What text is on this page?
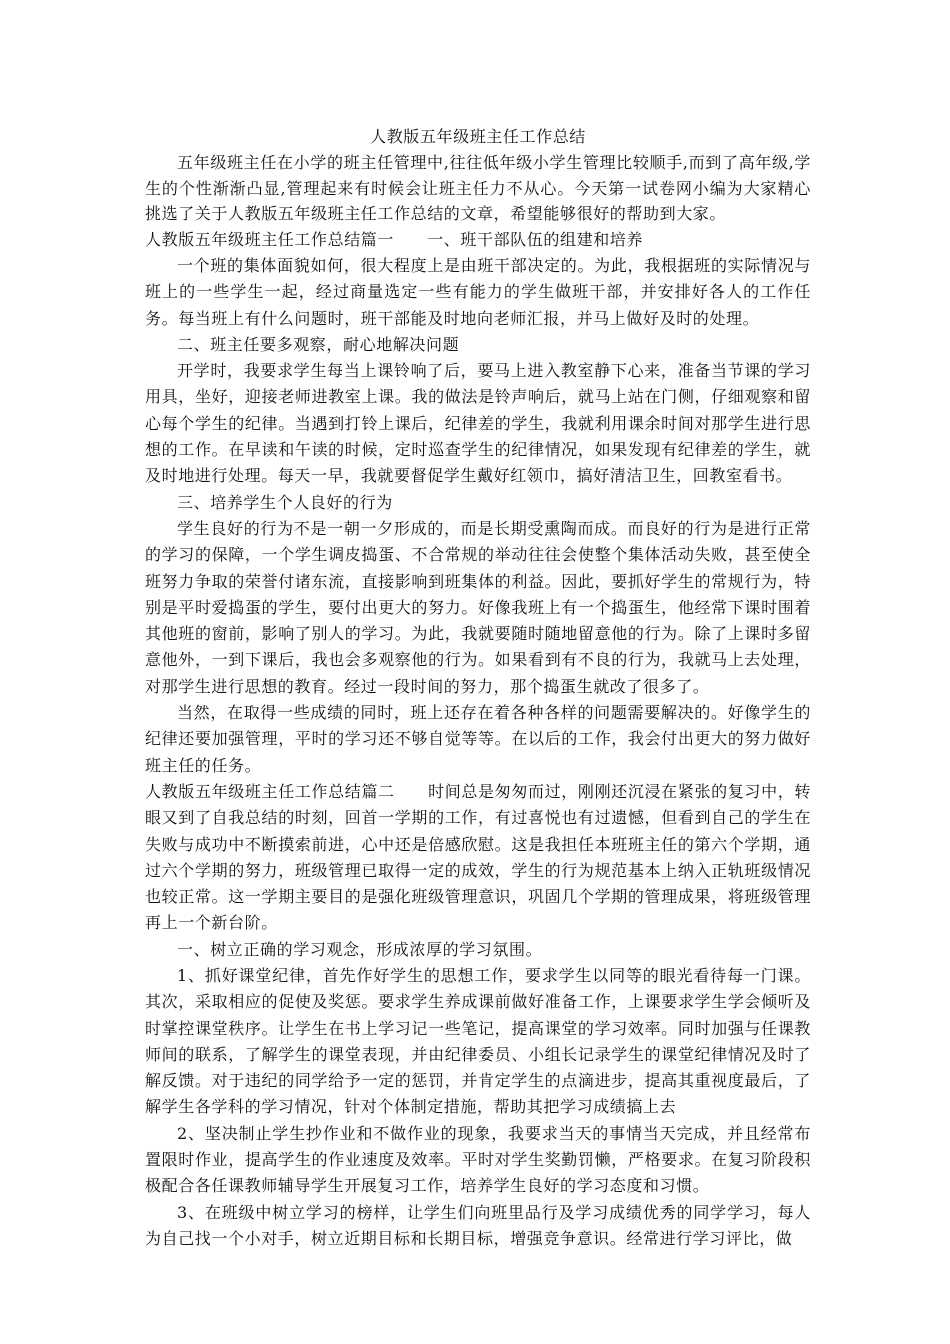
人教版五年级班主任工作总结

五年级班主任在小学的班主任管理中,往往低年级小学生管理比较顺手,而到了高年级,学生的个性渐渐凸显,管理起来有时候会让班主任力不从心。今天第一试卷网小编为大家精心挑选了关于人教版五年级班主任工作总结的文章，希望能够很好的帮助到大家。

人教版五年级班主任工作总结篇一　　一、班干部队伍的组建和培养

一个班的集体面貌如何，很大程度上是由班干部决定的。为此，我根据班的实际情况与班上的一些学生一起，经过商量选定一些有能力的学生做班干部，并安排好各人的工作任务。每当班上有什么问题时，班干部能及时地向老师汇报，并马上做好及时的处理。

二、班主任要多观察，耐心地解决问题

开学时，我要求学生每当上课铃响了后，要马上进入教室静下心来，准备当节课的学习用具，坐好，迎接老师进教室上课。我的做法是铃声响后，就马上站在门侧，仔细观察和留心每个学生的纪律。当遇到打铃上课后，纪律差的学生，我就利用课余时间对那学生进行思想的工作。在早读和午读的时候，定时巡查学生的纪律情况，如果发现有纪律差的学生，就及时地进行处理。每天一早，我就要督促学生戴好红领巾，搞好清洁卫生，回教室看书。

三、培养学生个人良好的行为

学生良好的行为不是一朝一夕形成的，而是长期受熏陶而成。而良好的行为是进行正常的学习的保障，一个学生调皮捣蛋、不合常规的举动往往会使整个集体活动失败，甚至使全班努力争取的荣誉付诸东流，直接影响到班集体的利益。因此，要抓好学生的常规行为，特别是平时爱捣蛋的学生，要付出更大的努力。好像我班上有一个捣蛋生，他经常下课时围着其他班的窗前，影响了别人的学习。为此，我就要随时随地留意他的行为。除了上课时多留意他外，一到下课后，我也会多观察他的行为。如果看到有不良的行为，我就马上去处理，对那学生进行思想的教育。经过一段时间的努力，那个捣蛋生就改了很多了。

当然，在取得一些成绩的同时，班上还存在着各种各样的问题需要解决的。好像学生的纪律还要加强管理，平时的学习还不够自觉等等。在以后的工作，我会付出更大的努力做好班主任的任务。

人教版五年级班主任工作总结篇二　　时间总是匆匆而过，刚刚还沉浸在紧张的复习中，转眼又到了自我总结的时刻，回首一学期的工作，有过喜悦也有过遗憾，但看到自己的学生在失败与成功中不断摸索前进，心中还是倍感欣慰。这是我担任本班班主任的第六个学期，通过六个学期的努力，班级管理已取得一定的成效，学生的行为规范基本上纳入正轨班级情况也较正常。这一学期主要目的是强化班级管理意识，巩固几个学期的管理成果，将班级管理再上一个新台阶。

一、树立正确的学习观念，形成浓厚的学习氛围。

1、抓好课堂纪律，首先作好学生的思想工作，要求学生以同等的眼光看待每一门课。其次，采取相应的促使及奖惩。要求学生养成课前做好准备工作，上课要求学生学会倾听及时掌控课堂秩序。让学生在书上学习记一些笔记，提高课堂的学习效率。同时加强与任课教师间的联系，了解学生的课堂表现，并由纪律委员、小组长记录学生的课堂纪律情况及时了解反馈。对于违纪的同学给予一定的惩罚，并肯定学生的点滴进步，提高其重视度最后，了解学生各学科的学习情况，针对个体制定措施，帮助其把学习成绩搞上去

2、坚决制止学生抄作业和不做作业的现象，我要求当天的事情当天完成，并且经常布置限时作业，提高学生的作业速度及效率。平时对学生奖勤罚懒，严格要求。在复习阶段积极配合各任课教师辅导学生开展复习工作，培养学生良好的学习态度和习惯。

3、在班级中树立学习的榜样，让学生们向班里品行及学习成绩优秀的同学学习，每人为自己找一个小对手，树立近期目标和长期目标，增强竞争意识。经常进行学习评比，做
